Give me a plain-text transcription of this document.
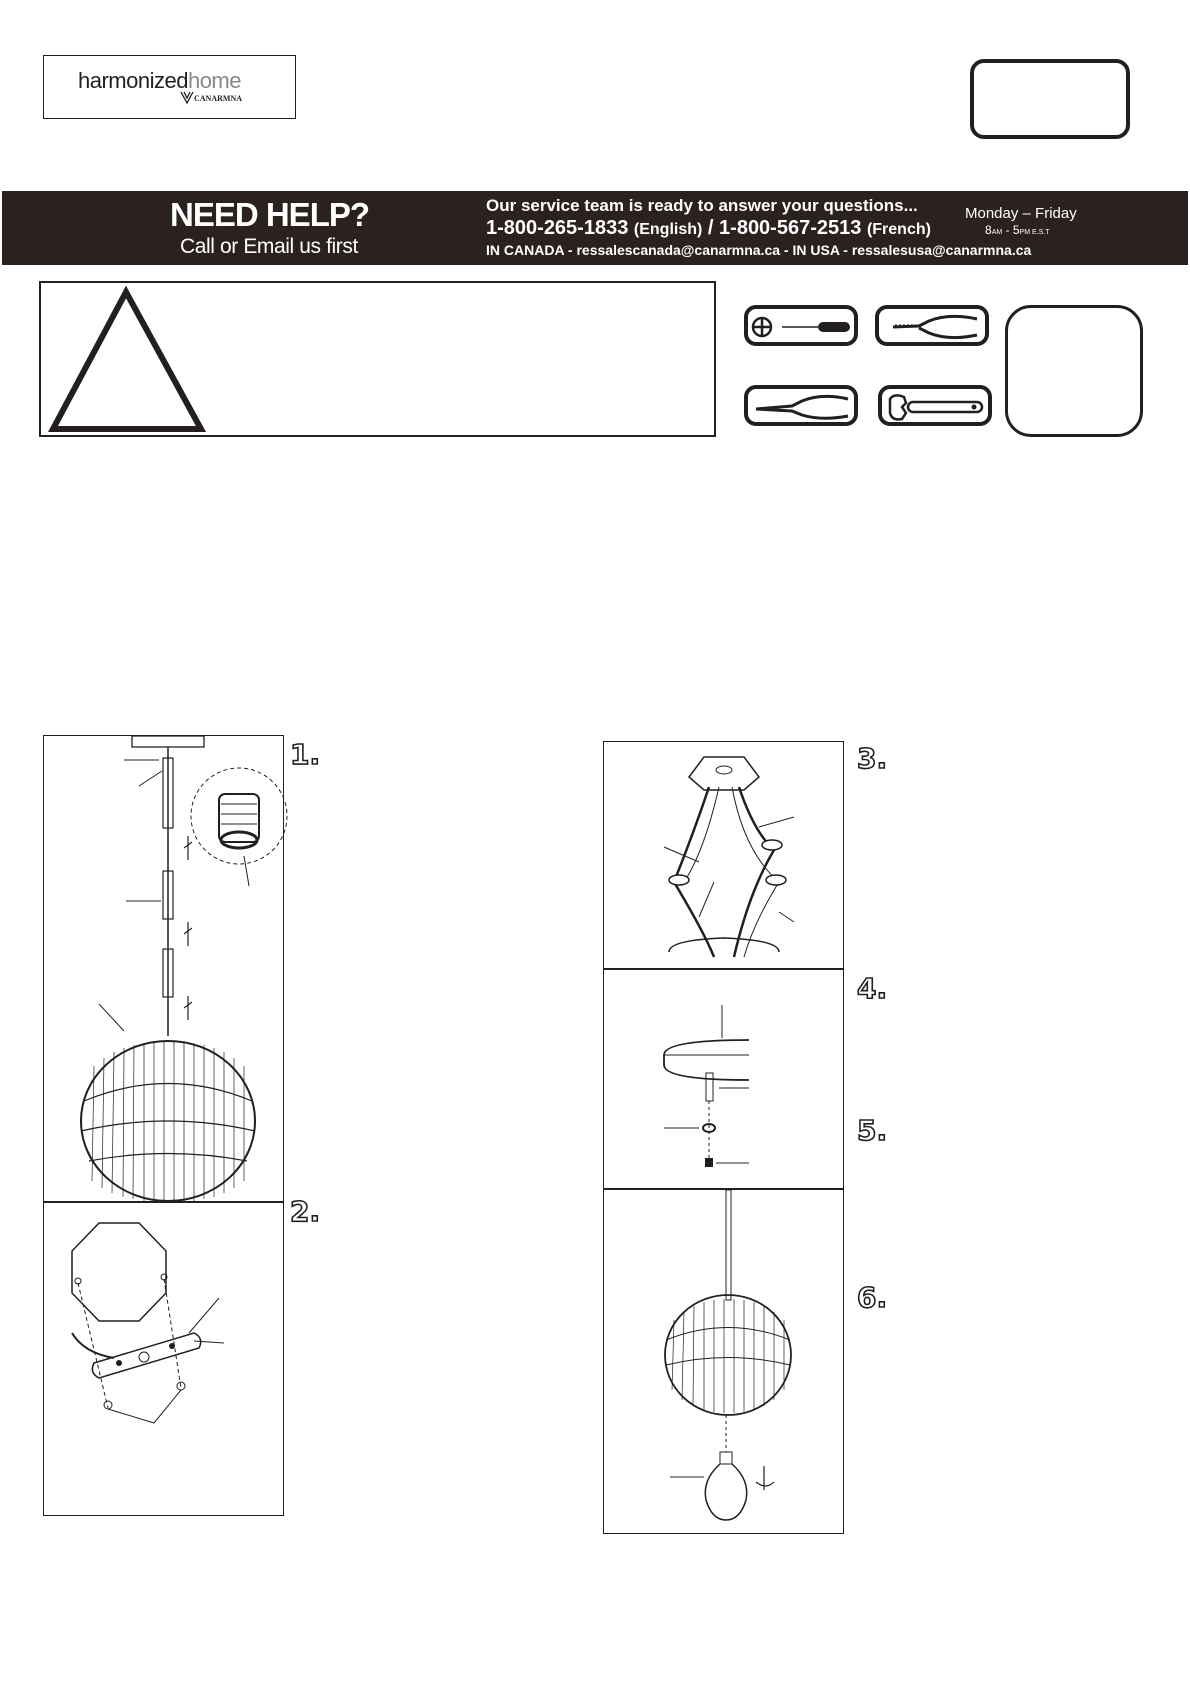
harmonizedhome
CANARMNA
NEED HELP?
Call or Email us first
Our service team is ready to answer your questions...
1-800-265-1833 (English) / 1-800-567-2513 (French)
IN CANADA - ressalescanada@canarmna.ca - IN USA - ressalesusa@canarmna.ca
Monday – Friday
8AM - 5PM E.S.T
1.
2.
3.
4.
5.
6.
